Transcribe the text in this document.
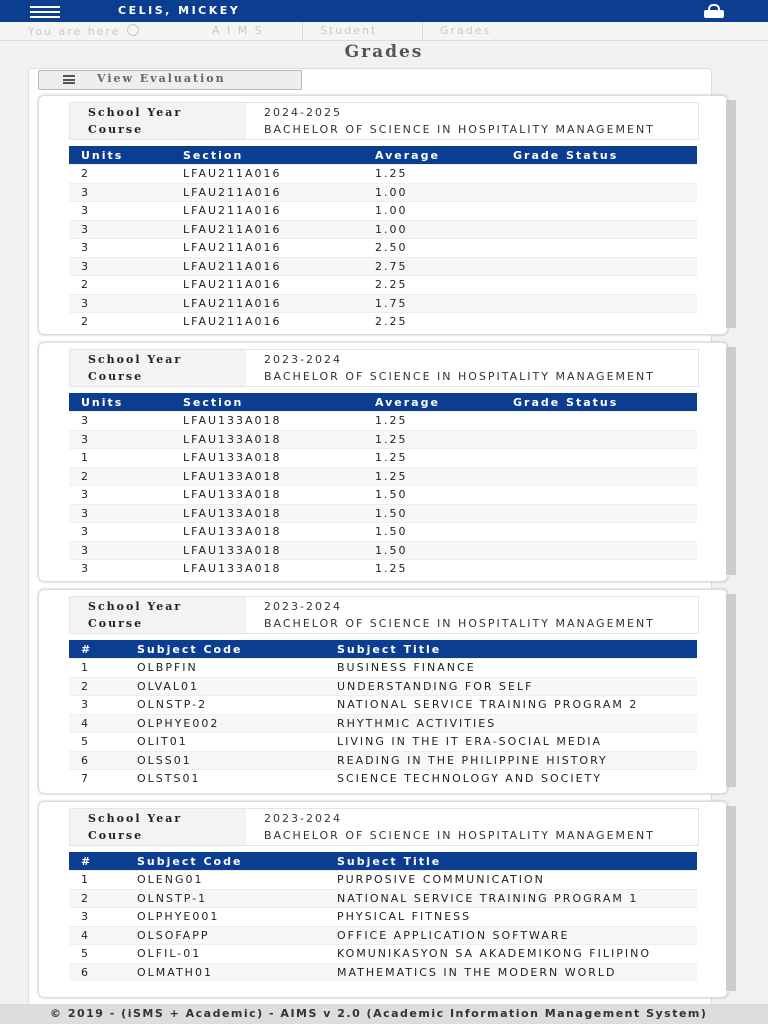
CELIS, MICKEY
You are here	A I M S	Student	Grades
Grades
View Evaluation
School Year	2024-2025
Course	BACHELOR OF SCIENCE IN HOSPITALITY MANAGEMENT
Units	Section	Average	Grade Status
2	LFAU211A016	1.25	
3	LFAU211A016	1.00	
3	LFAU211A016	1.00	
3	LFAU211A016	1.00	
3	LFAU211A016	2.50	
3	LFAU211A016	2.75	
2	LFAU211A016	2.25	
3	LFAU211A016	1.75	
2	LFAU211A016	2.25	
School Year	2023-2024
Course	BACHELOR OF SCIENCE IN HOSPITALITY MANAGEMENT
Units	Section	Average	Grade Status
3	LFAU133A018	1.25	
3	LFAU133A018	1.25	
1	LFAU133A018	1.25	
2	LFAU133A018	1.25	
3	LFAU133A018	1.50	
3	LFAU133A018	1.50	
3	LFAU133A018	1.50	
3	LFAU133A018	1.50	
3	LFAU133A018	1.25	
School Year	2023-2024
Course	BACHELOR OF SCIENCE IN HOSPITALITY MANAGEMENT
#	Subject Code	Subject Title
1	OLBPFIN	BUSINESS FINANCE
2	OLVAL01	UNDERSTANDING FOR SELF
3	OLNSTP-2	NATIONAL SERVICE TRAINING PROGRAM 2
4	OLPHYE002	RHYTHMIC ACTIVITIES
5	OLIT01	LIVING IN THE IT ERA-SOCIAL MEDIA
6	OLSS01	READING IN THE PHILIPPINE HISTORY
7	OLSTS01	SCIENCE TECHNOLOGY AND SOCIETY
School Year	2023-2024
Course	BACHELOR OF SCIENCE IN HOSPITALITY MANAGEMENT
#	Subject Code	Subject Title
1	OLENG01	PURPOSIVE COMMUNICATION
2	OLNSTP-1	NATIONAL SERVICE TRAINING PROGRAM 1
3	OLPHYE001	PHYSICAL FITNESS
4	OLSOFAPP	OFFICE APPLICATION SOFTWARE
5	OLFIL-01	KOMUNIKASYON SA AKADEMIKONG FILIPINO
6	OLMATH01	MATHEMATICS IN THE MODERN WORLD
© 2019 - (iSMS + Academic) - AIMS v 2.0 (Academic Information Management System)
